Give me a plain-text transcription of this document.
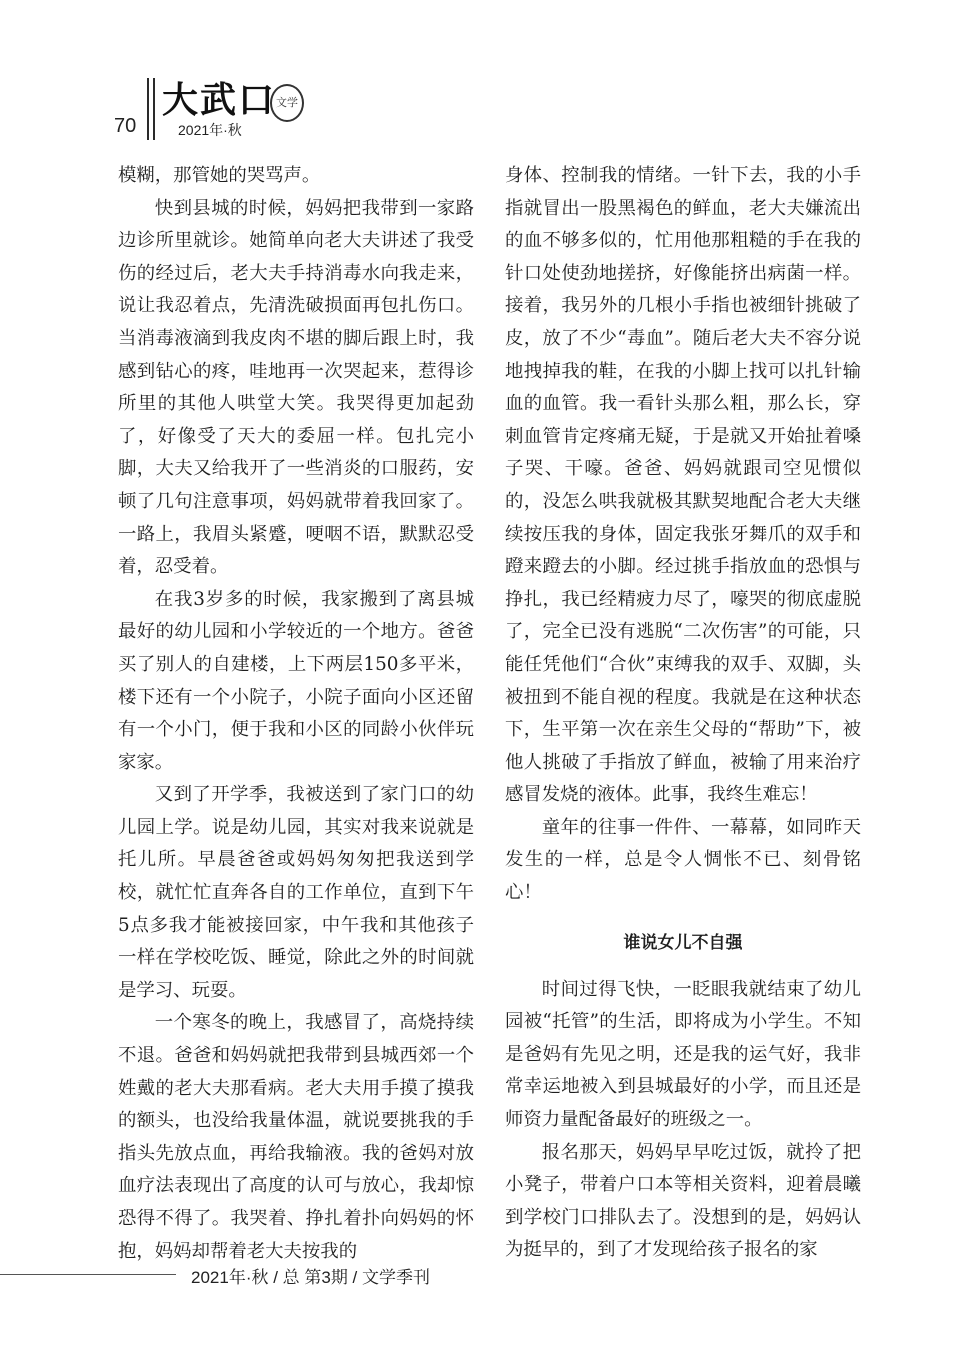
70
大武口 文学
2021年·秋

模糊，那管她的哭骂声。

快到县城的时候，妈妈把我带到一家路边诊所里就诊。她简单向老大夫讲述了我受伤的经过后，老大夫手持消毒水向我走来，说让我忍着点，先清洗破损面再包扎伤口。当消毒液滴到我皮肉不堪的脚后跟上时，我感到钻心的疼，哇地再一次哭起来，惹得诊所里的其他人哄堂大笑。我哭得更加起劲了，好像受了天大的委屈一样。包扎完小脚，大夫又给我开了一些消炎的口服药，安顿了几句注意事项，妈妈就带着我回家了。一路上，我眉头紧蹙，哽咽不语，默默忍受着，忍受着。

在我3岁多的时候，我家搬到了离县城最好的幼儿园和小学较近的一个地方。爸爸买了别人的自建楼，上下两层150多平米，楼下还有一个小院子，小院子面向小区还留有一个小门，便于我和小区的同龄小伙伴玩家家。

又到了开学季，我被送到了家门口的幼儿园上学。说是幼儿园，其实对我来说就是托儿所。早晨爸爸或妈妈匆匆把我送到学校，就忙忙直奔各自的工作单位，直到下午5点多我才能被接回家，中午我和其他孩子一样在学校吃饭、睡觉，除此之外的时间就是学习、玩耍。

一个寒冬的晚上，我感冒了，高烧持续不退。爸爸和妈妈就把我带到县城西郊一个姓戴的老大夫那看病。老大夫用手摸了摸我的额头，也没给我量体温，就说要挑我的手指头先放点血，再给我输液。我的爸妈对放血疗法表现出了高度的认可与放心，我却惊恐得不得了。我哭着、挣扎着扑向妈妈的怀抱，妈妈却帮着老大夫按我的

身体、控制我的情绪。一针下去，我的小手指就冒出一股黑褐色的鲜血，老大夫嫌流出的血不够多似的，忙用他那粗糙的手在我的针口处使劲地搓挤，好像能挤出病菌一样。接着，我另外的几根小手指也被细针挑破了皮，放了不少“毒血”。随后老大夫不容分说地拽掉我的鞋，在我的小脚上找可以扎针输血的血管。我一看针头那么粗，那么长，穿刺血管肯定疼痛无疑，于是就又开始扯着嗓子哭、干嚎。爸爸、妈妈就跟司空见惯似的，没怎么哄我就极其默契地配合老大夫继续按压我的身体，固定我张牙舞爪的双手和蹬来蹬去的小脚。经过挑手指放血的恐惧与挣扎，我已经精疲力尽了，嚎哭的彻底虚脱了，完全已没有逃脱“二次伤害”的可能，只能任凭他们“合伙”束缚我的双手、双脚，头被扭到不能自视的程度。我就是在这种状态下，生平第一次在亲生父母的“帮助”下，被他人挑破了手指放了鲜血，被输了用来治疗感冒发烧的液体。此事，我终生难忘！

童年的往事一件件、一幕幕，如同昨天发生的一样，总是令人惆怅不已、刻骨铭心！

谁说女儿不自强

时间过得飞快，一眨眼我就结束了幼儿园被“托管”的生活，即将成为小学生。不知是爸妈有先见之明，还是我的运气好，我非常幸运地被入到县城最好的小学，而且还是师资力量配备最好的班级之一。

报名那天，妈妈早早吃过饭，就拎了把小凳子，带着户口本等相关资料，迎着晨曦到学校门口排队去了。没想到的是，妈妈认为挺早的，到了才发现给孩子报名的家

2021年·秋 / 总 第3期 / 文学季刊
